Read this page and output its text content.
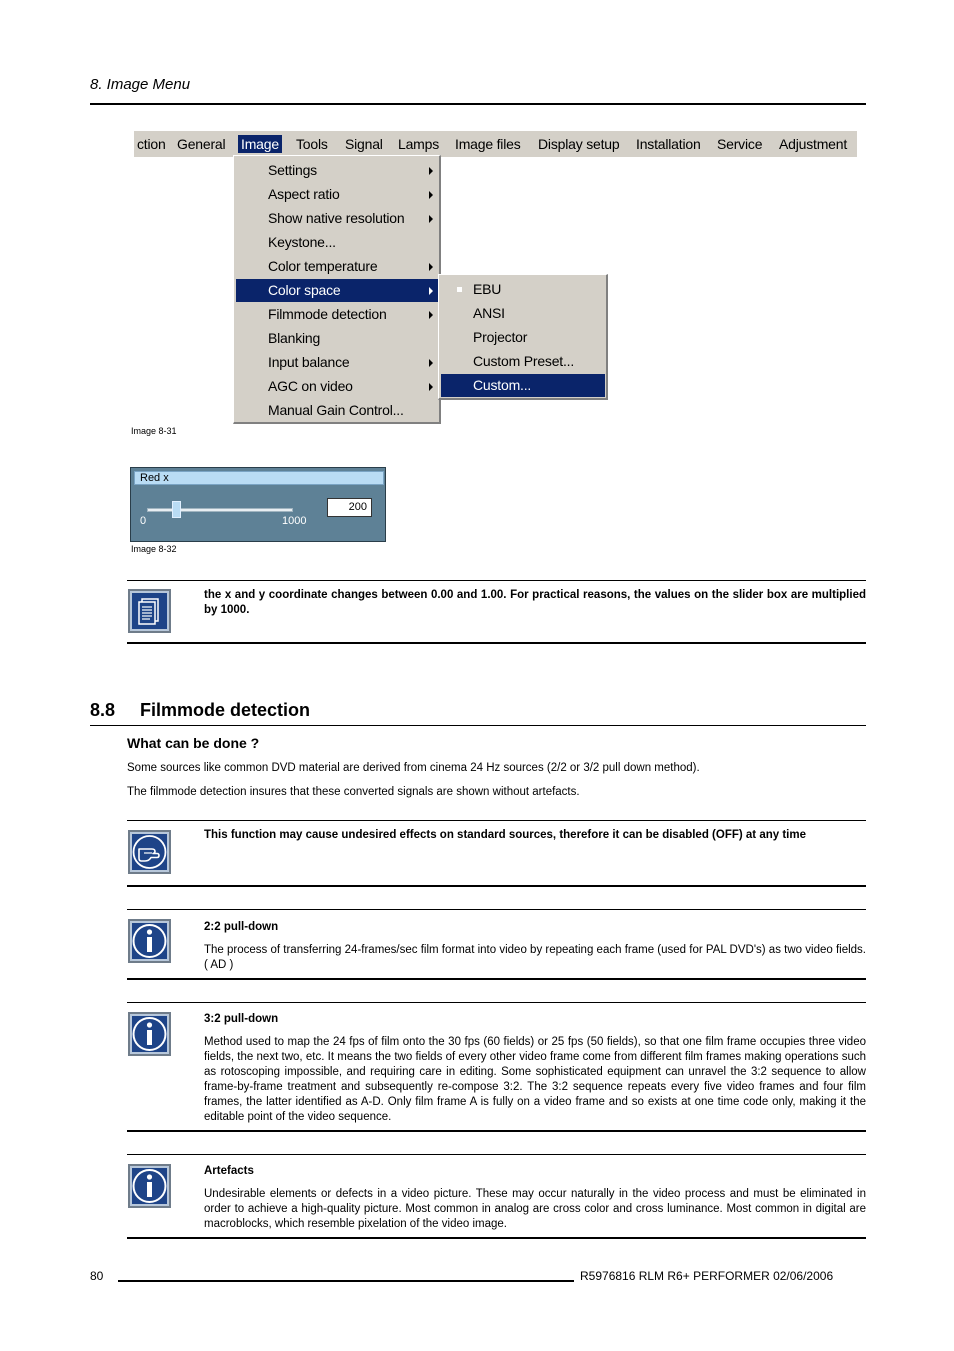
8. Image Menu
ction General Image Tools Signal Lamps Image files Display setup Installation Service Adjustment
Settings
Aspect ratio
Show native resolution
Keystone...
Color temperature
Color space
Filmmode detection
Blanking
Input balance
AGC on video
Manual Gain Control...
EBU
ANSI
Projector
Custom Preset...
Custom...
Image 8-31
Red x
0	1000
200
Image 8-32
the x and y coordinate changes between 0.00 and 1.00. For practical reasons, the values on the slider box are multiplied by 1000.
8.8 Filmmode detection
What can be done ?
Some sources like common DVD material are derived from cinema 24 Hz sources (2/2 or 3/2 pull down method).
The filmmode detection insures that these converted signals are shown without artefacts.
This function may cause undesired effects on standard sources, therefore it can be disabled (OFF) at any time
2:2 pull-down
The process of transferring 24-frames/sec film format into video by repeating each frame (used for PAL DVD's) as two video fields. ( AD )
3:2 pull-down
Method used to map the 24 fps of film onto the 30 fps (60 fields) or 25 fps (50 fields), so that one film frame occupies three video fields, the next two, etc. It means the two fields of every other video frame come from different film frames making operations such as rotoscoping impossible, and requiring care in editing. Some sophisticated equipment can unravel the 3:2 sequence to allow frame-by-frame treatment and subsequently re-compose 3:2. The 3:2 sequence repeats every five video frames and four film frames, the latter identified as A-D. Only film frame A is fully on a video frame and so exists at one time code only, making it the editable point of the video sequence.
Artefacts
Undesirable elements or defects in a video picture. These may occur naturally in the video process and must be eliminated in order to achieve a high-quality picture. Most common in analog are cross color and cross luminance. Most common in digital are macroblocks, which resemble pixelation of the video image.
80	R5976816 RLM R6+ PERFORMER 02/06/2006
